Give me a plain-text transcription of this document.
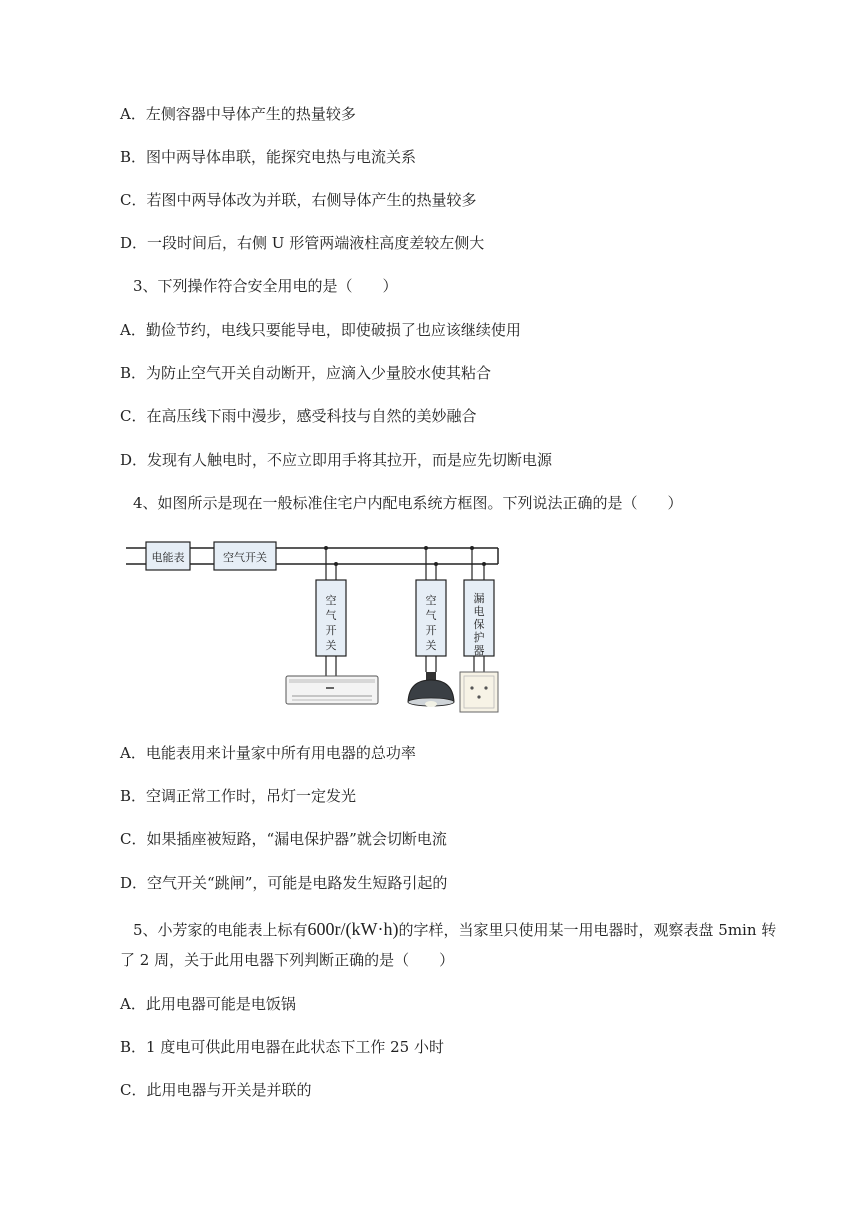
A．左侧容器中导体产生的热量较多
B．图中两导体串联，能探究电热与电流关系
C．若图中两导体改为并联，右侧导体产生的热量较多
D．一段时间后，右侧 U 形管两端液柱高度差较左侧大
3、下列操作符合安全用电的是（　　）
A．勤俭节约，电线只要能导电，即使破损了也应该继续使用
B．为防止空气开关自动断开，应滴入少量胶水使其粘合
C．在高压线下雨中漫步，感受科技与自然的美妙融合
D．发现有人触电时，不应立即用手将其拉开，而是应先切断电源
4、如图所示是现在一般标准住宅户内配电系统方框图。下列说法正确的是（　　）
电能表	空气开关
空气开关
空气开关
漏电保护器
A．电能表用来计量家中所有用电器的总功率
B．空调正常工作时，吊灯一定发光
C．如果插座被短路，“漏电保护器”就会切断电流
D．空气开关“跳闸”，可能是电路发生短路引起的
5、小芳家的电能表上标有600r/(kW·h)的字样，当家里只使用某一用电器时，观察表盘 5min 转
了 2 周，关于此用电器下列判断正确的是（　　）
A．此用电器可能是电饭锅
B．1 度电可供此用电器在此状态下工作 25 小时
C．此用电器与开关是并联的
